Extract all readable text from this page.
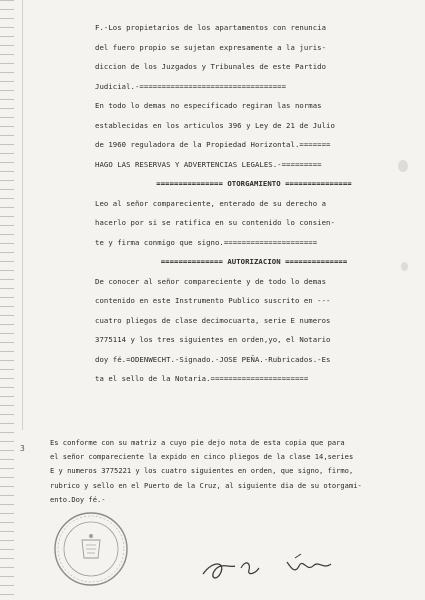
F.-Los propietarios de los apartamentos con renuncia
del fuero propio se sujetan expresamente a la juris-
diccion de los Juzgados y Tribunales de este Partido
Judicial.-=================================
En todo lo demas no especificado regiran las normas
establecidas en los articulos 396 y Ley de 21 de Julio
de 1960 reguladora de la Propiedad Horizontal.=======
HAGO LAS RESERVAS Y ADVERTENCIAS LEGALES.-=========
=============== OTORGAMIENTO ===============
Leo al señor compareciente, enterado de su derecho a
hacerlo por si se ratifica en su contenido lo consien-
te y firma conmigo que signo.=====================
============== AUTORIZACION ==============
De conocer al señor compareciente y de todo lo demas
contenido en este Instrumento Publico suscrito en ---
cuatro pliegos de clase decimocuarta, serie E numeros
3775114 y los tres siguientes en orden,yo, el Notario
doy fé.=ODENWECHT.-Signado.-JOSE PEÑA.-Rubricados.-Es
ta el sello de la Notaria.======================
3
Es conforme con su matriz a cuyo pie dejo nota de esta copia que para
el señor compareciente la expido en cinco pliegos de la clase 14,series
E y numeros 3775221 y los cuatro siguientes en orden, que signo, firmo,
rubrico y sello en el Puerto de la Cruz, al siguiente dia de su otorgami-
ento.Doy fé.-
